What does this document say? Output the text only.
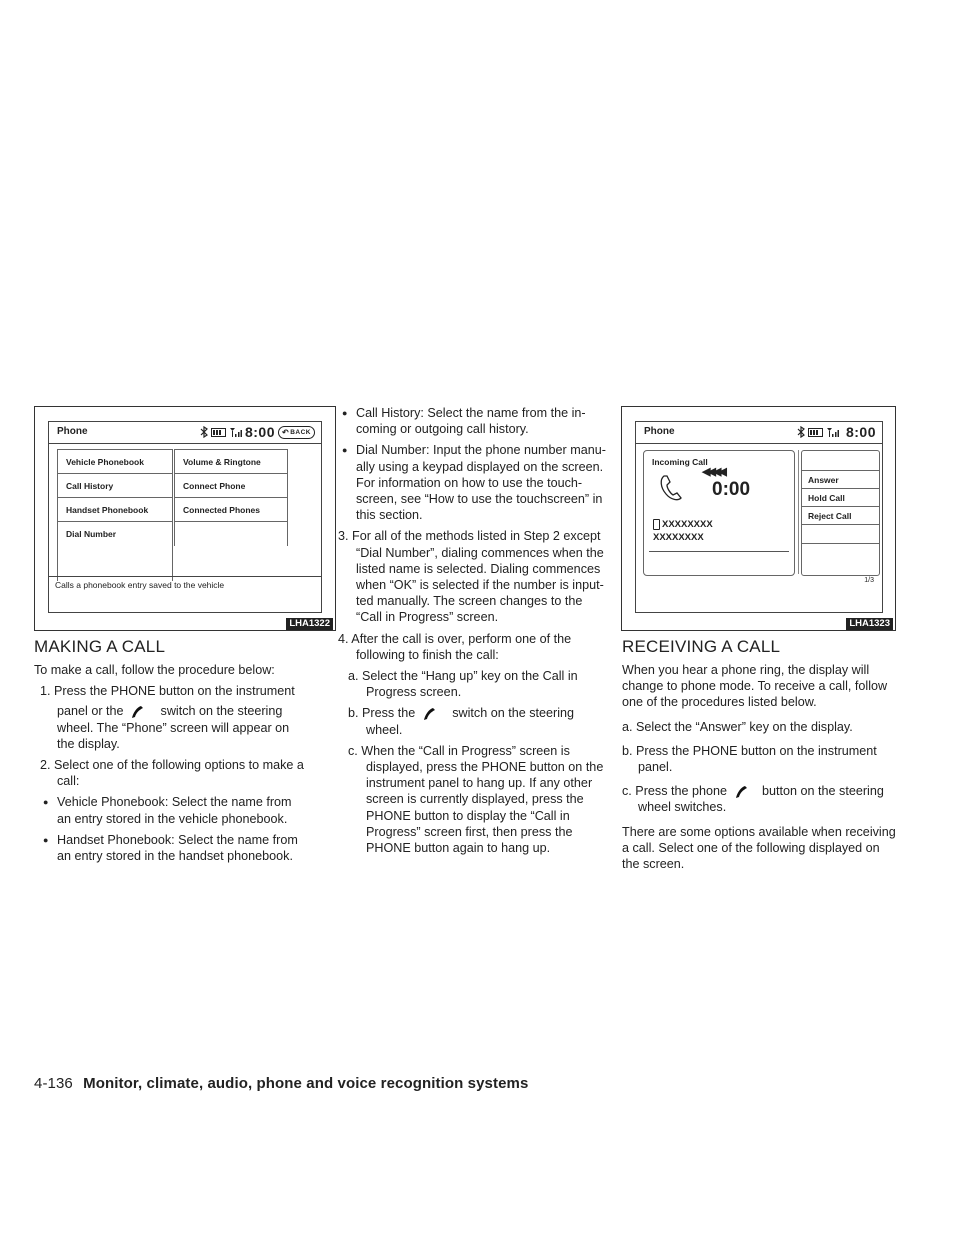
Phone	8:00 ↶ BACK
Vehicle Phonebook
Call History
Handset Phonebook
Dial Number
Volume & Ringtone
Connect Phone
Connected Phones
Calls a phonebook entry saved to the vehicle
LHA1322
Phone	8:00
Incoming Call
◀◀◀◀
0:00
XXXXXXXX
XXXXXXXX
Answer
Hold Call
Reject Call
1/3
LHA1323
MAKING A CALL

To make a call, follow the procedure below:

1. Press the PHONE button on the instrument

panel or the	switch on the steering

wheel. The “Phone” screen will appear on

the display.

2. Select one of the following options to make a

call:

● Vehicle Phonebook: Select the name from

an entry stored in the vehicle phonebook.

● Handset Phonebook: Select the name from

an entry stored in the handset phonebook.

● Call History: Select the name from the in-

coming or outgoing call history.

● Dial Number: Input the phone number manu-

ally using a keypad displayed on the screen.

For information on how to use the touch-

screen, see “How to use the touchscreen” in

this section.

3. For all of the methods listed in Step 2 except

“Dial Number”, dialing commences when the

listed name is selected. Dialing commences

when “OK” is selected if the number is input-

ted manually. The screen changes to the

“Call in Progress” screen.

4. After the call is over, perform one of the

following to finish the call:

a. Select the “Hang up” key on the Call in

Progress screen.

b. Press the	switch on the steering

wheel.

c. When the “Call in Progress” screen is

displayed, press the PHONE button on the

instrument panel to hang up. If any other

screen is currently displayed, press the

PHONE button to display the “Call in

Progress” screen first, then press the

PHONE button again to hang up.

RECEIVING A CALL

When you hear a phone ring, the display will

change to phone mode. To receive a call, follow

one of the procedures listed below.

a. Select the “Answer” key on the display.

b. Press the PHONE button on the instrument

panel.

c. Press the phone	button on the steering

wheel switches.

There are some options available when receiving

a call. Select one of the following displayed on

the screen.

4-136 Monitor, climate, audio, phone and voice recognition systems
